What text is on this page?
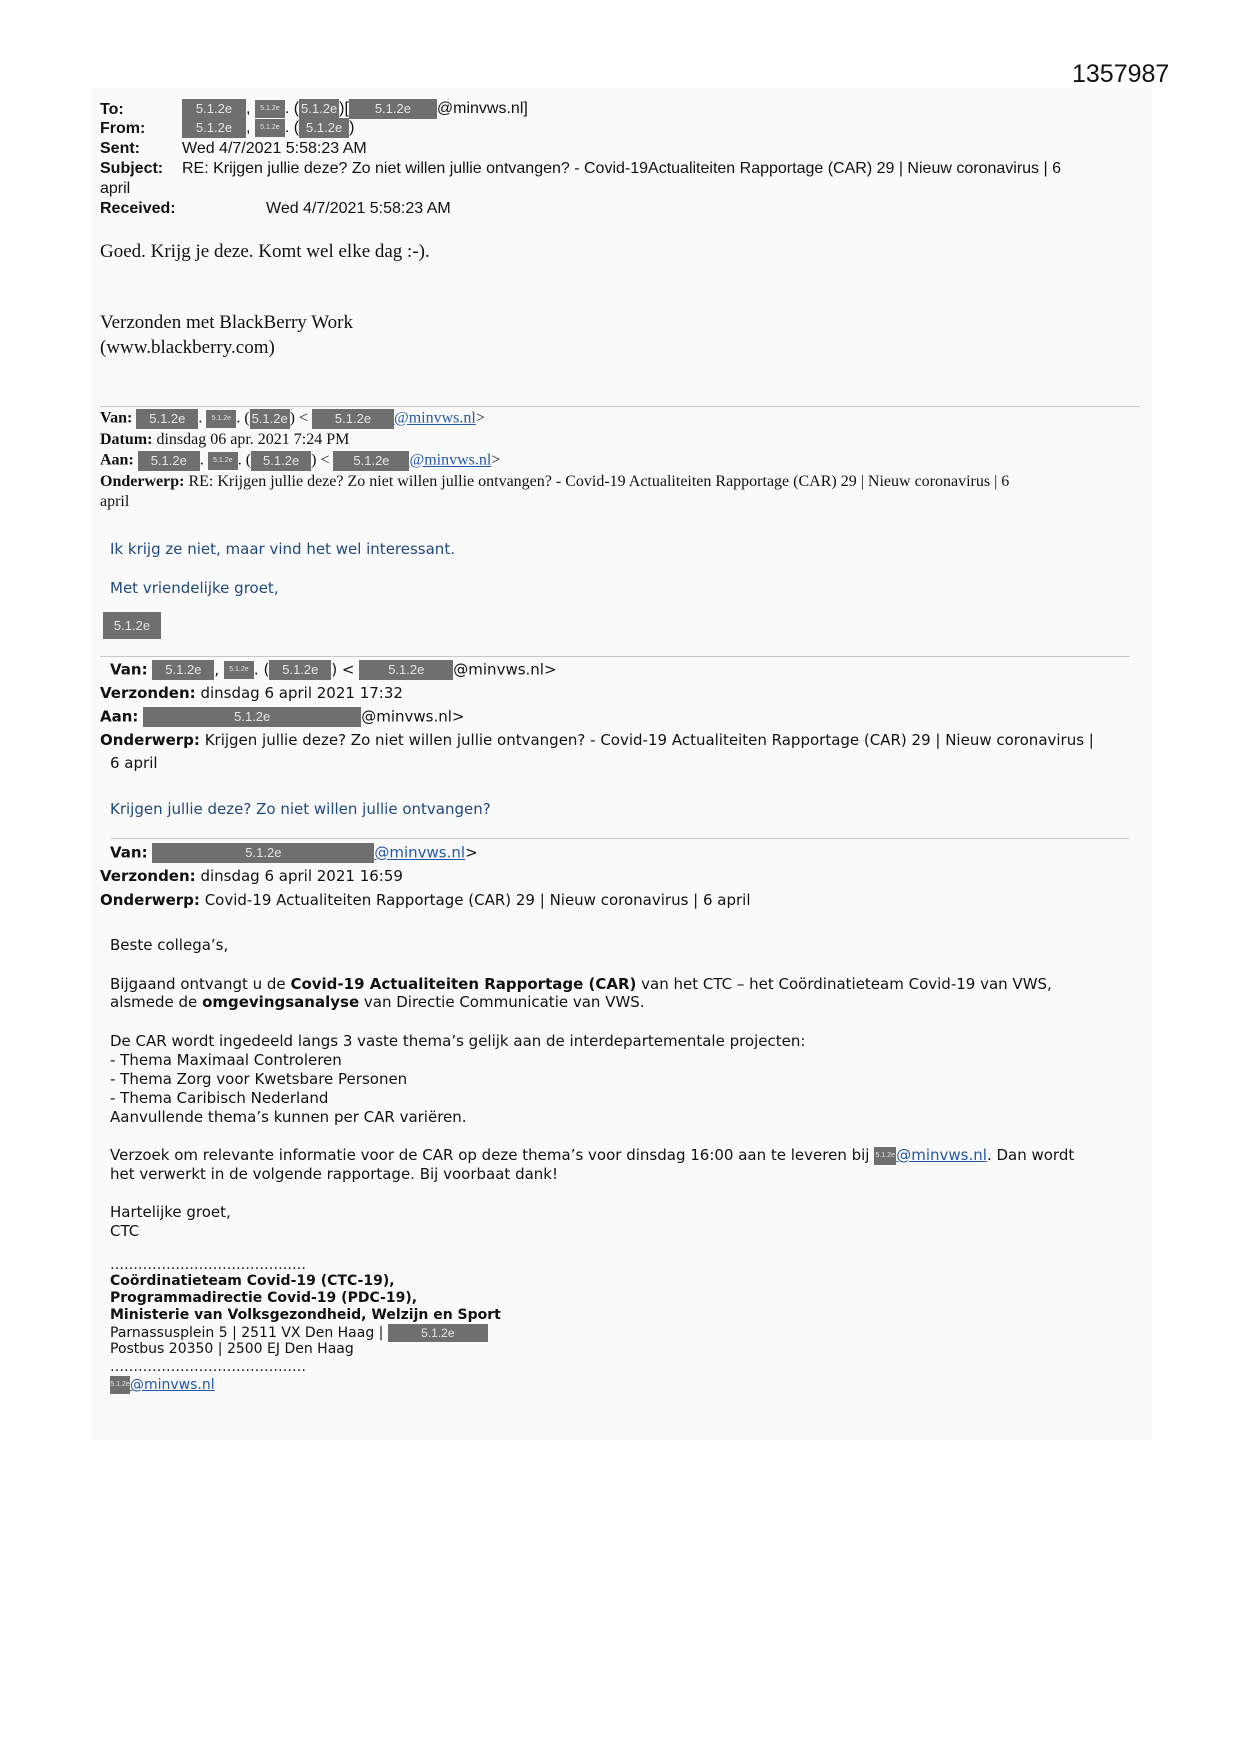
1357987
To:	5.1.2e , 5.1.2e . ( 5.1.2e )[ 5.1.2e @minvws.nl]
From:	5.1.2e , 5.1.2e . ( 5.1.2e )
Sent:	Wed 4/7/2021 5:58:23 AM
Subject: RE: Krijgen jullie deze? Zo niet willen jullie ontvangen? - Covid-19Actualiteiten Rapportage (CAR) 29 | Nieuw coronavirus | 6
april
Received:	Wed 4/7/2021 5:58:23 AM
Goed. Krijg je deze. Komt wel elke dag :-).
Verzonden met BlackBerry Work
(www.blackberry.com)
Van: 5.1.2e . 5.1.2e . ( 5.1.2e ) < 5.1.2e @minvws.nl>
Datum: dinsdag 06 apr. 2021 7:24 PM
Aan: 5.1.2e . 5.1.2e . ( 5.1.2e ) < 5.1.2e @minvws.nl>
Onderwerp: RE: Krijgen jullie deze? Zo niet willen jullie ontvangen? - Covid-19 Actualiteiten Rapportage (CAR) 29 | Nieuw coronavirus | 6
april
Ik krijg ze niet, maar vind het wel interessant.
Met vriendelijke groet,
5.1.2e
Van: 5.1.2e , 5.1.2e . ( 5.1.2e ) < 5.1.2e @minvws.nl>
Verzonden: dinsdag 6 april 2021 17:32
Aan:	5.1.2e	@minvws.nl>
Onderwerp: Krijgen jullie deze? Zo niet willen jullie ontvangen? - Covid-19 Actualiteiten Rapportage (CAR) 29 | Nieuw coronavirus |
6 april
Krijgen jullie deze? Zo niet willen jullie ontvangen?
Van:	5.1.2e	@minvws.nl>
Verzonden: dinsdag 6 april 2021 16:59
Onderwerp: Covid-19 Actualiteiten Rapportage (CAR) 29 | Nieuw coronavirus | 6 april
Beste collega’s,
Bijgaand ontvangt u de Covid-19 Actualiteiten Rapportage (CAR) van het CTC – het Coördinatieteam Covid-19 van VWS,
alsmede de omgevingsanalyse van Directie Communicatie van VWS.
De CAR wordt ingedeeld langs 3 vaste thema’s gelijk aan de interdepartementale projecten:
- Thema Maximaal Controleren
- Thema Zorg voor Kwetsbare Personen
- Thema Caribisch Nederland
Aanvullende thema’s kunnen per CAR variëren.
Verzoek om relevante informatie voor de CAR op deze thema’s voor dinsdag 16:00 aan te leveren bij 5.1.2e@minvws.nl. Dan wordt
het verwerkt in de volgende rapportage. Bij voorbaat dank!
Hartelijke groet,
CTC
……………………………………
Coördinatieteam Covid-19 (CTC-19),
Programmadirectie Covid-19 (PDC-19),
Ministerie van Volksgezondheid, Welzijn en Sport
Parnassusplein 5 | 2511 VX Den Haag |	5.1.2e
Postbus 20350 | 2500 EJ Den Haag
……………………………………
5.1.2e@minvws.nl
